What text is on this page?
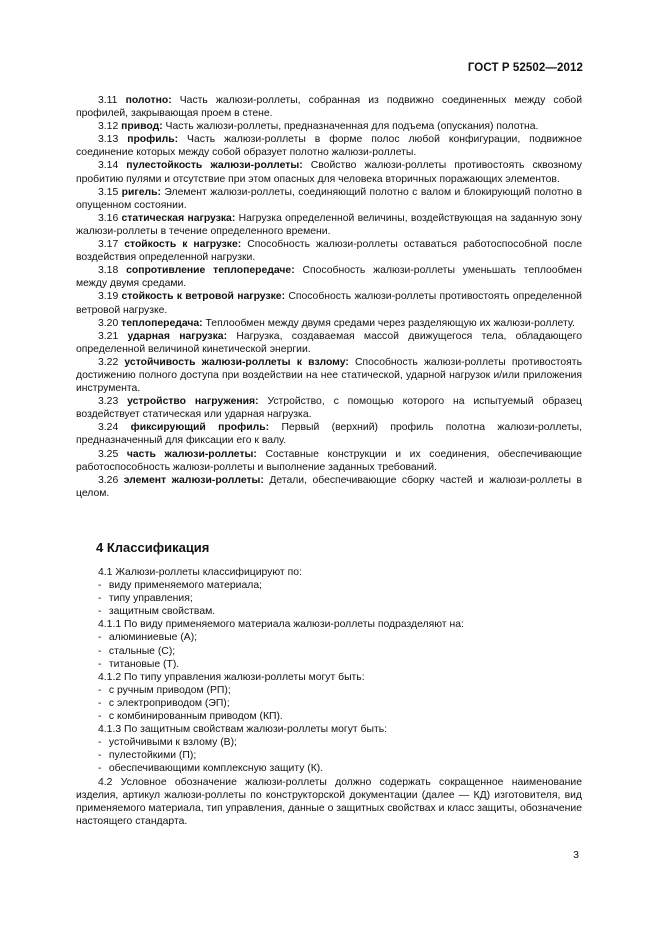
ГОСТ Р 52502—2012

3.11 полотно: Часть жалюзи-роллеты, собранная из подвижно соединенных между собой профилей, закрывающая проем в стене.

3.12 привод: Часть жалюзи-роллеты, предназначенная для подъема (опускания) полотна.

3.13 профиль: Часть жалюзи-роллеты в форме полос любой конфигурации, подвижное соединение которых между собой образует полотно жалюзи-роллеты.

3.14 пулестойкость жалюзи-роллеты: Свойство жалюзи-роллеты противостоять сквозному пробитию пулями и отсутствие при этом опасных для человека вторичных поражающих элементов.

3.15 ригель: Элемент жалюзи-роллеты, соединяющий полотно с валом и блокирующий полотно в опущенном состоянии.

3.16 статическая нагрузка: Нагрузка определенной величины, воздействующая на заданную зону жалюзи-роллеты в течение определенного времени.

3.17 стойкость к нагрузке: Способность жалюзи-роллеты оставаться работоспособной после воздействия определенной нагрузки.

3.18 сопротивление теплопередаче: Способность жалюзи-роллеты уменьшать теплообмен между двумя средами.

3.19 стойкость к ветровой нагрузке: Способность жалюзи-роллеты противостоять определенной ветровой нагрузке.

3.20 теплопередача: Теплообмен между двумя средами через разделяющую их жалюзи-роллету.

3.21 ударная нагрузка: Нагрузка, создаваемая массой движущегося тела, обладающего определенной величиной кинетической энергии.

3.22 устойчивость жалюзи-роллеты к взлому: Способность жалюзи-роллеты противостоять достижению полного доступа при воздействии на нее статической, ударной нагрузок и/или приложения инструмента.

3.23 устройство нагружения: Устройство, с помощью которого на испытуемый образец воздействует статическая или ударная нагрузка.

3.24 фиксирующий профиль: Первый (верхний) профиль полотна жалюзи-роллеты, предназначенный для фиксации его к валу.

3.25 часть жалюзи-роллеты: Составные конструкции и их соединения, обеспечивающие работоспособность жалюзи-роллеты и выполнение заданных требований.

3.26 элемент жалюзи-роллеты: Детали, обеспечивающие сборку частей и жалюзи-роллеты в целом.

4 Классификация

4.1 Жалюзи-роллеты классифицируют по:

- виду применяемого материала;

- типу управления;

- защитным свойствам.

4.1.1 По виду применяемого материала жалюзи-роллеты подразделяют на:

- алюминиевые (А);

- стальные (С);

- титановые (Т).

4.1.2 По типу управления жалюзи-роллеты могут быть:

- с ручным приводом (РП);

- с электроприводом (ЭП);

- с комбинированным приводом (КП).

4.1.3 По защитным свойствам жалюзи-роллеты могут быть:

- устойчивыми к взлому (В);

- пулестойкими (П);

- обеспечивающими комплексную защиту (К).

4.2 Условное обозначение жалюзи-роллеты должно содержать сокращенное наименование изделия, артикул жалюзи-роллеты по конструкторской документации (далее — КД) изготовителя, вид применяемого материала, тип управления, данные о защитных свойствах и класс защиты, обозначение настоящего стандарта.

3
